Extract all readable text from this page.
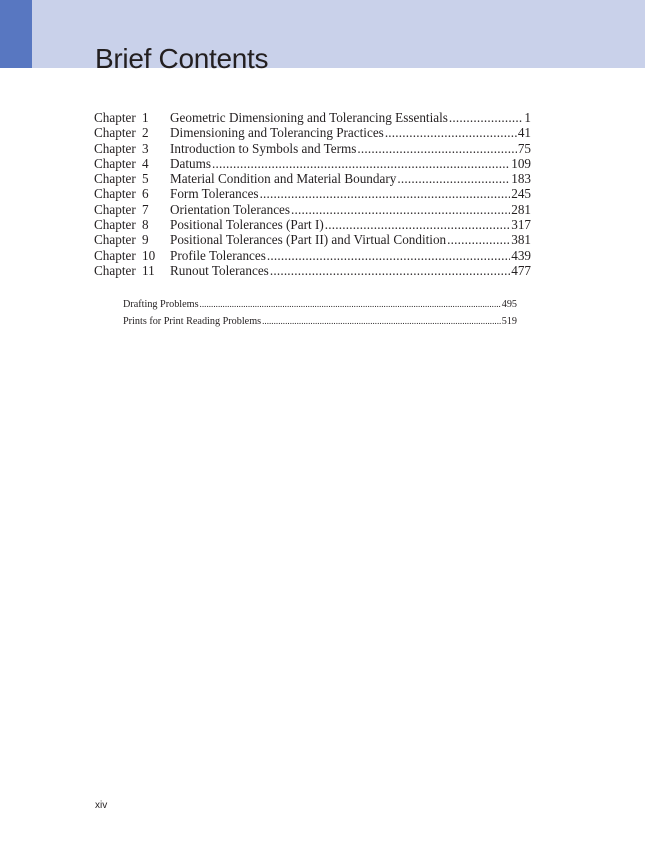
Brief Contents
Chapter 1	Geometric Dimensioning and Tolerancing Essentials .....	1
Chapter 2	Dimensioning and Tolerancing Practices .....	41
Chapter 3	Introduction to Symbols and Terms .....	75
Chapter 4	Datums .....	109
Chapter 5	Material Condition and Material Boundary .....	183
Chapter 6	Form Tolerances .....	245
Chapter 7	Orientation Tolerances .....	281
Chapter 8	Positional Tolerances (Part I) .....	317
Chapter 9	Positional Tolerances (Part II) and Virtual Condition .....	381
Chapter 10	Profile Tolerances .....	439
Chapter 11	Runout Tolerances .....	477
Drafting Problems .....	495
Prints for Print Reading Problems .....	519

xiv
